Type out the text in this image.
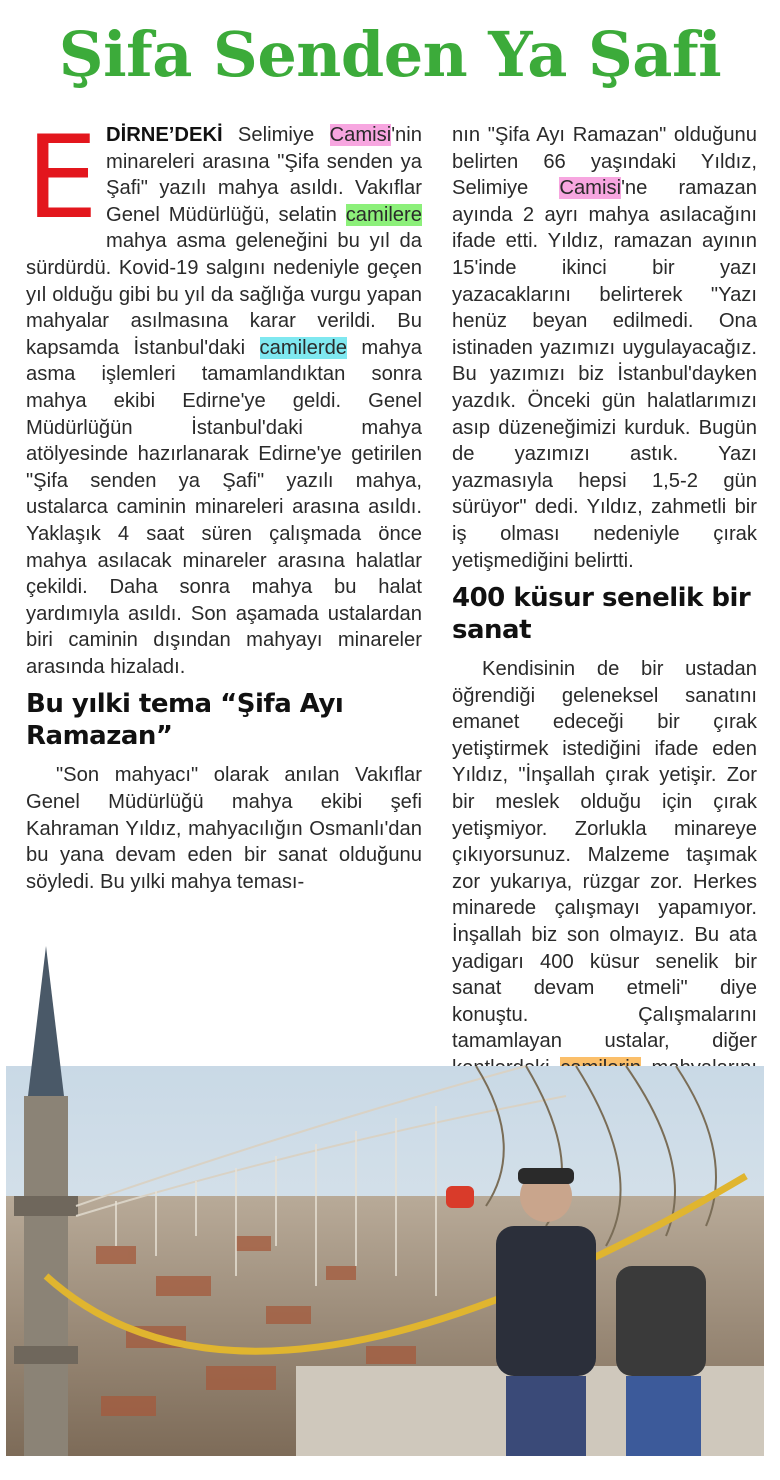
Şifa Senden Ya Şafi
E DİRNE’DEKİ Selimiye Camisi'nin minareleri arasına "Şifa senden ya Şafi" yazılı mahya asıldı. Vakıflar Genel Müdürlüğü, selatin camilere mahya asma geleneğini bu yıl da sürdürdü. Kovid-19 salgını nedeniyle geçen yıl olduğu gibi bu yıl da sağlığa vurgu yapan mahyalar asılmasına karar verildi. Bu kapsamda İstanbul'daki camilerde mahya asma işlemleri tamamlandıktan sonra mahya ekibi Edirne'ye geldi. Genel Müdürlüğün İstanbul'daki mahya atölyesinde hazırlanarak Edirne'ye getirilen "Şifa senden ya Şafi" yazılı mahya, ustalarca caminin minareleri arasına asıldı. Yaklaşık 4 saat süren çalışmada önce mahya asılacak minareler arasına halatlar çekildi. Daha sonra mahya bu halat yardımıyla asıldı. Son aşamada ustalardan biri caminin dışından mahyayı minareler arasında hizaladı.

Bu yılki tema “Şifa Ayı Ramazan”

"Son mahyacı" olarak anılan Vakıflar Genel Müdürlüğü mahya ekibi şefi Kahraman Yıldız, mahyacılığın Osmanlı'dan bu yana devam eden bir sanat olduğunu söyledi. Bu yılki mahya teması-

nın "Şifa Ayı Ramazan" olduğunu belirten 66 yaşındaki Yıldız, Selimiye Camisi'ne ramazan ayında 2 ayrı mahya asılacağını ifade etti. Yıldız, ramazan ayının 15'inde ikinci bir yazı yazacaklarını belirterek "Yazı henüz beyan edilmedi. Ona istinaden yazımızı uygulayacağız. Bu yazımızı biz İstanbul'dayken yazdık. Önceki gün halatlarımızı asıp düzeneğimizi kurduk. Bugün de yazımızı astık. Yazı yazmasıyla hepsi 1,5-2 gün sürüyor" dedi. Yıldız, zahmetli bir iş olması nedeniyle çırak yetişmediğini belirtti.

400 küsur senelik bir sanat

Kendisinin de bir ustadan öğrendiği geleneksel sanatını emanet edeceği bir çırak yetiştirmek istediğini ifade eden Yıldız, "İnşallah çırak yetişir. Zor bir meslek olduğu için çırak yetişmiyor. Zorlukla minareye çıkıyorsunuz. Malzeme taşımak zor yukarıya, rüzgar zor. Herkes minarede çalışmayı yapamıyor. İnşallah biz son olmayız. Bu ata yadigarı 400 küsur senelik bir sanat devam etmeli" diye konuştu. Çalışmalarını tamamlayan ustalar, diğer
